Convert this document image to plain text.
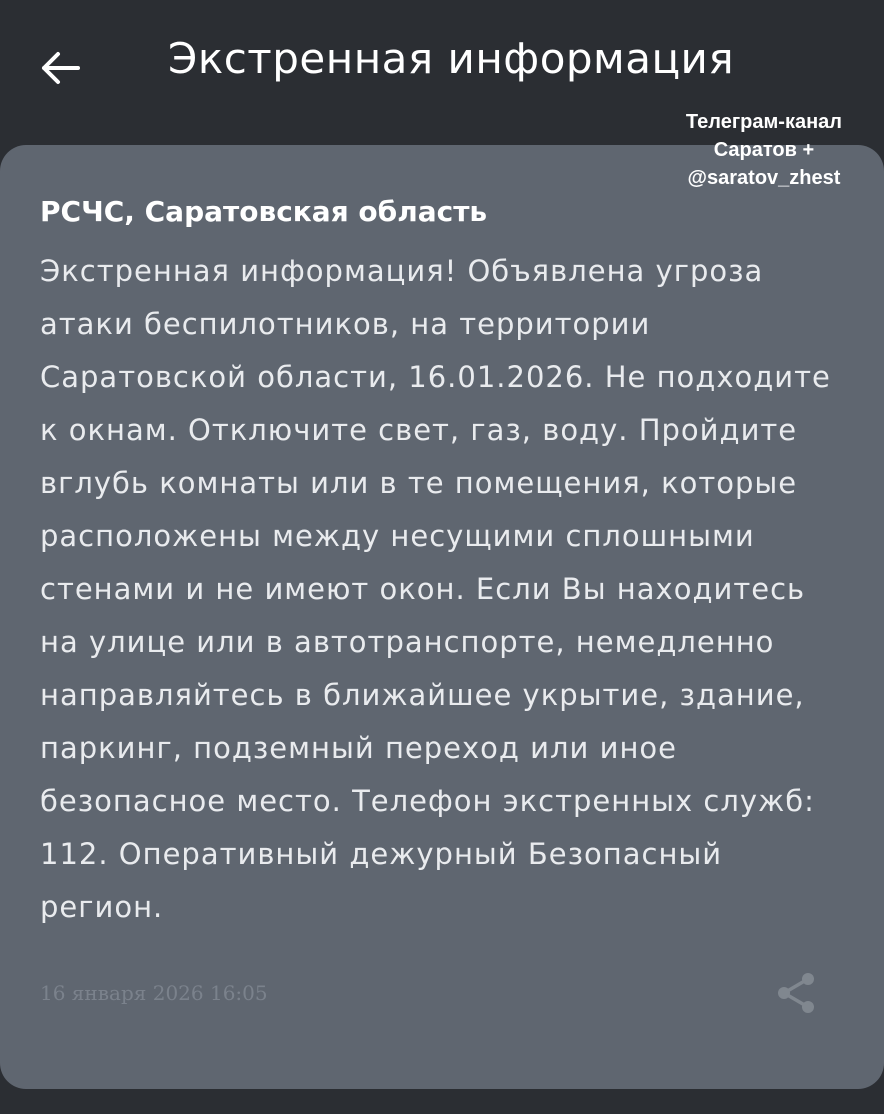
Экстренная информация
Телеграм-канал
Саратов +
@saratov_zhest
РСЧС, Саратовская область

Экстренная информация! Объявлена угроза атаки беспилотников, на территории Саратовской области, 16.01.2026. Не подходите к окнам. Отключите свет, газ, воду. Пройдите вглубь комнаты или в те помещения, которые расположены между несущими сплошными стенами и не имеют окон. Если Вы находитесь на улице или в автотранспорте, немедленно направляйтесь в ближайшее укрытие, здание, паркинг, подземный переход или иное безопасное место. Телефон экстренных служб: 112. Оперативный дежурный Безопасный регион.

16 января 2026 16:05
